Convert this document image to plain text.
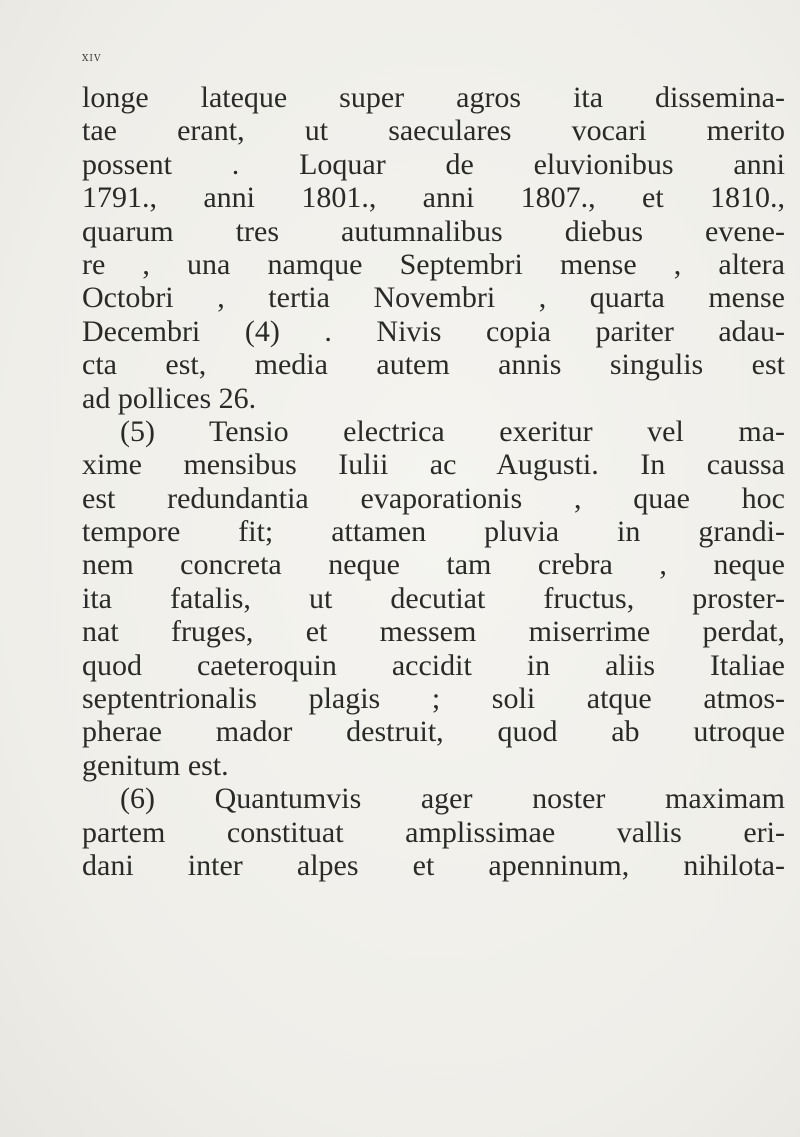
xiv
longe lateque super agros ita dissemina-
tae erant, ut saeculares vocari merito
possent . Loquar de eluvionibus anni
1791., anni 1801., anni 1807., et 1810.,
quarum tres autumnalibus diebus evene-
re , una namque Septembri mense , altera
Octobri , tertia Novembri , quarta mense
Decembri (4) . Nivis copia pariter adau-
cta est, media autem annis singulis est
ad pollices 26.
(5) Tensio electrica exeritur vel ma-
xime mensibus Iulii ac Augusti. In caussa
est redundantia evaporationis , quae hoc
tempore fit; attamen pluvia in grandi-
nem concreta neque tam crebra , neque
ita fatalis, ut decutiat fructus, proster-
nat fruges, et messem miserrime perdat,
quod caeteroquin accidit in aliis Italiae
septentrionalis plagis ; soli atque atmos-
pherae mador destruit, quod ab utroque
genitum est.
(6) Quantumvis ager noster maximam
partem constituat amplissimae vallis eri-
dani inter alpes et apenninum, nihilota-
